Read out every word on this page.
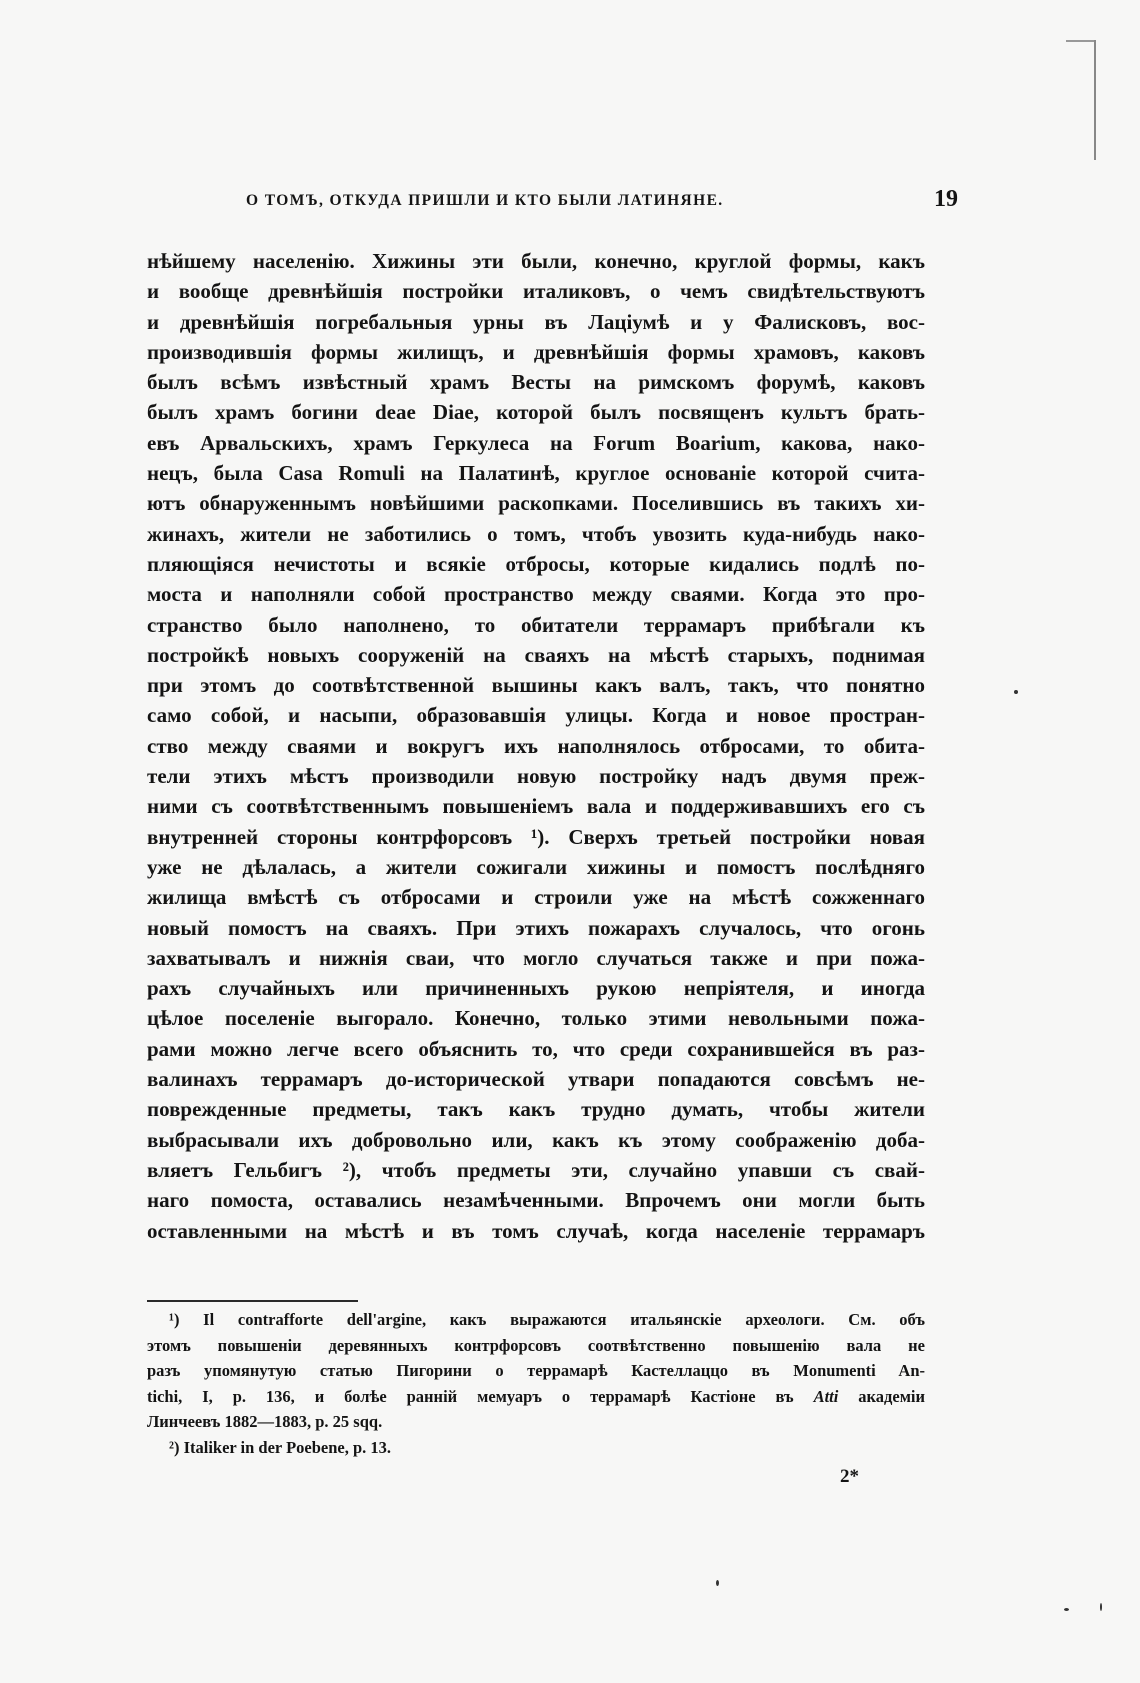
О ТОМЪ, ОТКУДА ПРИШЛИ И КТО БЫЛИ ЛАТИНЯНЕ.	19
нѣйшему населенію. Хижины эти были, конечно, круглой формы, какъ
и вообще древнѣйшія постройки италиковъ, о чемъ свидѣтельствуютъ
и древнѣйшія погребальныя урны въ Лаціумѣ и у Фалисковъ, вос-
производившія формы жилищъ, и древнѣйшія формы храмовъ, каковъ
былъ всѣмъ извѣстный храмъ Весты на римскомъ форумѣ, каковъ
былъ храмъ богини deae Diae, которой былъ посвященъ культъ брать-
евъ Арвальскихъ, храмъ Геркулеса на Forum Boarium, какова, нако-
нецъ, была Casa Romuli на Палатинѣ, круглое основаніе которой счита-
ютъ обнаруженнымъ новѣйшими раскопками. Поселившись въ такихъ хи-
жинахъ, жители не заботились о томъ, чтобъ увозить куда-нибудь нако-
пляющіяся нечистоты и всякіе отбросы, которые кидались подлѣ по-
моста и наполняли собой пространство между сваями. Когда это про-
странство было наполнено, то обитатели террамаръ прибѣгали къ
постройкѣ новыхъ сооруженій на сваяхъ на мѣстѣ старыхъ, поднимая
при этомъ до соотвѣтственной вышины какъ валъ, такъ, что понятно
само собой, и насыпи, образовавшія улицы. Когда и новое простран-
ство между сваями и вокругъ ихъ наполнялось отбросами, то обита-
тели этихъ мѣстъ производили новую постройку надъ двумя преж-
ними съ соотвѣтственнымъ повышеніемъ вала и поддерживавшихъ его съ
внутренней стороны контрфорсовъ ¹). Сверхъ третьей постройки новая
уже не дѣлалась, а жители сожигали хижины и помостъ послѣдняго
жилища вмѣстѣ съ отбросами и строили уже на мѣстѣ сожженнаго
новый помостъ на сваяхъ. При этихъ пожарахъ случалось, что огонь
захватывалъ и нижнія сваи, что могло случаться также и при пожа-
рахъ случайныхъ или причиненныхъ рукою непріятеля, и иногда
цѣлое поселеніе выгорало. Конечно, только этими невольными пожа-
рами можно легче всего объяснить то, что среди сохранившейся въ раз-
валинахъ террамаръ до-исторической утвари попадаются совсѣмъ не-
поврежденные предметы, такъ какъ трудно думать, чтобы жители
выбрасывали ихъ добровольно или, какъ къ этому соображенію доба-
вляетъ Гельбигъ ²), чтобъ предметы эти, случайно упавши съ свай-
наго помоста, оставались незамѣченными. Впрочемъ они могли быть
оставленными на мѣстѣ и въ томъ случаѣ, когда населеніе террамаръ
¹) Il contrafforte dell'argine, какъ выражаются итальянскіе археологи. См. объ
этомъ повышеніи деревянныхъ контрфорсовъ соотвѣтственно повышенію вала не
разъ упомянутую статью Пигорини о террамарѣ Кастеллаццо въ Monumenti An-
tichi, I, p. 136, и болѣе ранній мемуаръ о террамарѣ Кастіоне въ Atti академіи
Линчеевъ 1882—1883, p. 25 sqq.
²) Italiker in der Poebene, p. 13.
2*
